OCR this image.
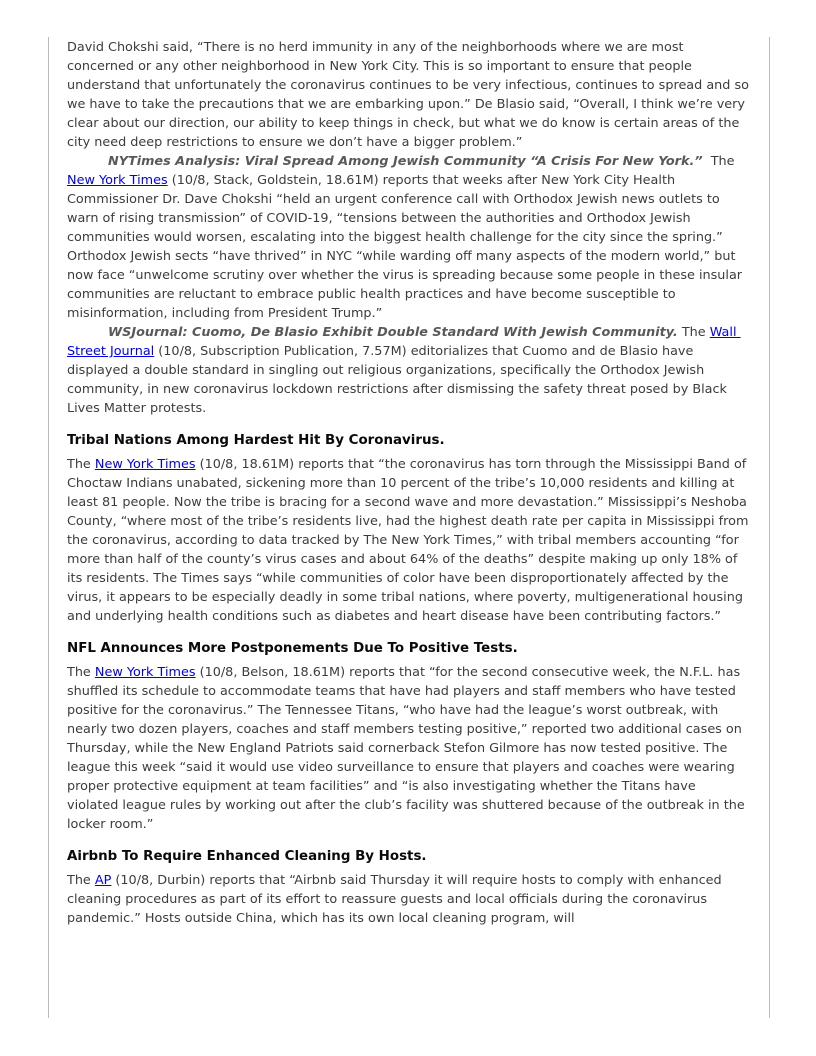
David Chokshi said, “There is no herd immunity in any of the neighborhoods where we are most concerned or any other neighborhood in New York City. This is so important to ensure that people understand that unfortunately the coronavirus continues to be very infectious, continues to spread and so we have to take the precautions that we are embarking upon.” De Blasio said, “Overall, I think we’re very clear about our direction, our ability to keep things in check, but what we do know is certain areas of the city need deep restrictions to ensure we don’t have a bigger problem.”

NYTimes Analysis: Viral Spread Among Jewish Community “A Crisis For New York.”  The New York Times (10/8, Stack, Goldstein, 18.61M) reports that weeks after New York City Health Commissioner Dr. Dave Chokshi “held an urgent conference call with Orthodox Jewish news outlets to warn of rising transmission” of COVID-19, “tensions between the authorities and Orthodox Jewish communities would worsen, escalating into the biggest health challenge for the city since the spring.” Orthodox Jewish sects “have thrived” in NYC “while warding off many aspects of the modern world,” but now face “unwelcome scrutiny over whether the virus is spreading because some people in these insular communities are reluctant to embrace public health practices and have become susceptible to misinformation, including from President Trump.”

WSJournal: Cuomo, De Blasio Exhibit Double Standard With Jewish Community. The Wall Street Journal (10/8, Subscription Publication, 7.57M) editorializes that Cuomo and de Blasio have displayed a double standard in singling out religious organizations, specifically the Orthodox Jewish community, in new coronavirus lockdown restrictions after dismissing the safety threat posed by Black Lives Matter protests.

Tribal Nations Among Hardest Hit By Coronavirus.

The New York Times (10/8, 18.61M) reports that “the coronavirus has torn through the Mississippi Band of Choctaw Indians unabated, sickening more than 10 percent of the tribe’s 10,000 residents and killing at least 81 people. Now the tribe is bracing for a second wave and more devastation.” Mississippi’s Neshoba County, “where most of the tribe’s residents live, had the highest death rate per capita in Mississippi from the coronavirus, according to data tracked by The New York Times,” with tribal members accounting “for more than half of the county’s virus cases and about 64% of the deaths” despite making up only 18% of its residents. The Times says “while communities of color have been disproportionately affected by the virus, it appears to be especially deadly in some tribal nations, where poverty, multigenerational housing and underlying health conditions such as diabetes and heart disease have been contributing factors.”

NFL Announces More Postponements Due To Positive Tests.

The New York Times (10/8, Belson, 18.61M) reports that “for the second consecutive week, the N.F.L. has shuffled its schedule to accommodate teams that have had players and staff members who have tested positive for the coronavirus.” The Tennessee Titans, “who have had the league’s worst outbreak, with nearly two dozen players, coaches and staff members testing positive,” reported two additional cases on Thursday, while the New England Patriots said cornerback Stefon Gilmore has now tested positive. The league this week “said it would use video surveillance to ensure that players and coaches were wearing proper protective equipment at team facilities” and “is also investigating whether the Titans have violated league rules by working out after the club’s facility was shuttered because of the outbreak in the locker room.”

Airbnb To Require Enhanced Cleaning By Hosts.

The AP (10/8, Durbin) reports that “Airbnb said Thursday it will require hosts to comply with enhanced cleaning procedures as part of its effort to reassure guests and local officials during the coronavirus pandemic.” Hosts outside China, which has its own local cleaning program, will
